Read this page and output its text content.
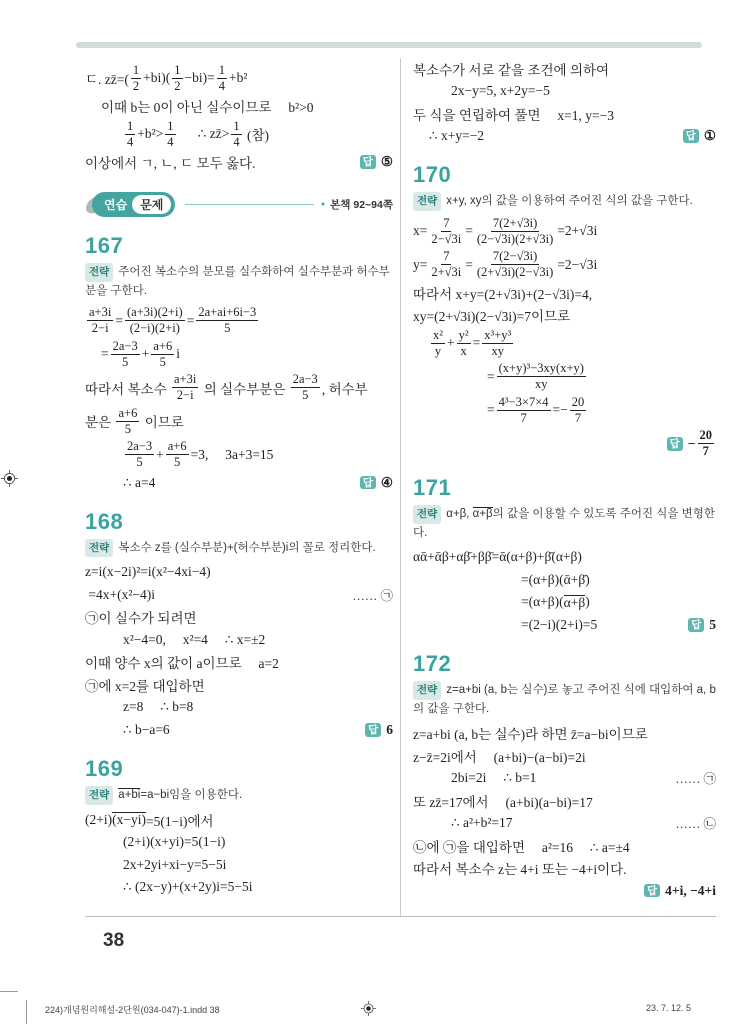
ㄷ. zz̄=( $\frac{1}{2} +bi)( \frac{1}{2} -bi)= \frac{1}{4} +b^2$
이때 b는 0이 아닌 실수이므로     b²>0
$\frac{1}{4} +b^2> \frac{1}{4}$ ∴ zz̄> $\frac{1}{4}$ (참)
이상에서 ㄱ, ㄴ, ㄷ 모두 옳다.	답 ⑤
연습	문제	● 본책 92~94쪽
167

전략 주어진 복소수의 분모를 실수화하여 실수부분과 허수부분을 구한다.

$\frac{a+3i}{2-i} = \frac{(a+3i)(2+i)}{(2-i)(2+i)} = \frac{2a+ai+6i-3}{5}$
= $\frac{2a-3}{5} + \frac{a+6}{5}$ i
따라서 복소수 $\frac{a+3i}{2-i}$ 의 실수부분은 $\frac{2a-3}{5}$ , 허수부
분은 $\frac{a+6}{5}$ 이므로
$\frac{2a-3}{5} + \frac{a+6}{5} =3$,     3a+3=15
∴ a=4	답 ④
168

전략 복소수 z를 (실수부분)+(허수부분)i의 꼴로 정리한다.

z=i(x−2i)²=i(x²−4xi−4)
=4x+(x²−4)i	…… ㉠
㉠이 실수가 되려면
x²−4=0,     x²=4     ∴ x=±2
이때 양수 x의 값이 a이므로     a=2
㉠에 x=2를 대입하면
z=8     ∴ b=8
∴ b−a=6	답 6
169

전략 a+bi=a−bi임을 이용한다.

(2+i) (x−yi) =5(1−i)에서
(2+i)(x+yi)=5(1−i)
2x+2yi+xi−y=5−5i
∴ (2x−y)+(x+2y)i=5−5i
복소수가 서로 같을 조건에 의하여
2x−y=5, x+2y=−5
두 식을 연립하여 풀면     x=1, y=−3
∴ x+y=−2	답 ①
170

전략 x+y, xy의 값을 이용하여 주어진 식의 값을 구한다.

$x= \frac{7}{2-√3i} = \frac{7(2+√3i)}{(2-√3i)(2+√3i)} =2+√3i$
$y= \frac{7}{2+√3i} = \frac{7(2-√3i)}{(2+√3i)(2-√3i)} =2-√3i$
따라서 x+y=(2+√3i)+(2−√3i)=4,
xy=(2+√3i)(2−√3i)=7이므로
$\frac{\text{x²}}{y} + \frac{\text{y²}}{x} = \frac{\text{x³+y³}}{xy}$
= $\frac{\text{(x+y)³−3xy(x+y)}}{xy}$
= $\frac{\text{4³−3×7×4}}{7} =- \frac{20}{7}$
답 − $\frac{20}{7}$
171

전략 α+β, α+β의 값을 이용할 수 있도록 주어진 식을 변형한다.

αᾱ+ᾱβ+αβ̄+ββ̄=ᾱ(α+β)+β̄(α+β)
=(α+β)(ᾱ+β̄)
=(α+β)( α+β )
=(2−i)(2+i)=5	답 5
172

전략 z=a+bi (a, b는 실수)로 놓고 주어진 식에 대입하여 a, b의 값을 구한다.

z=a+bi (a, b는 실수)라 하면 z̄=a−bi이므로
z−z̄=2i에서     (a+bi)−(a−bi)=2i
2bi=2i     ∴ b=1	…… ㉠
또 zz̄=17에서     (a+bi)(a−bi)=17
∴ a²+b²=17	…… ㉡
㉡에 ㉠을 대입하면     a²=16     ∴ a=±4
따라서 복소수 z는 4+i 또는 −4+i이다.
답 4+i, −4+i
38
224)개념원리해설-2단원(034-047)-1.indd 38	23. 7. 12. 5
